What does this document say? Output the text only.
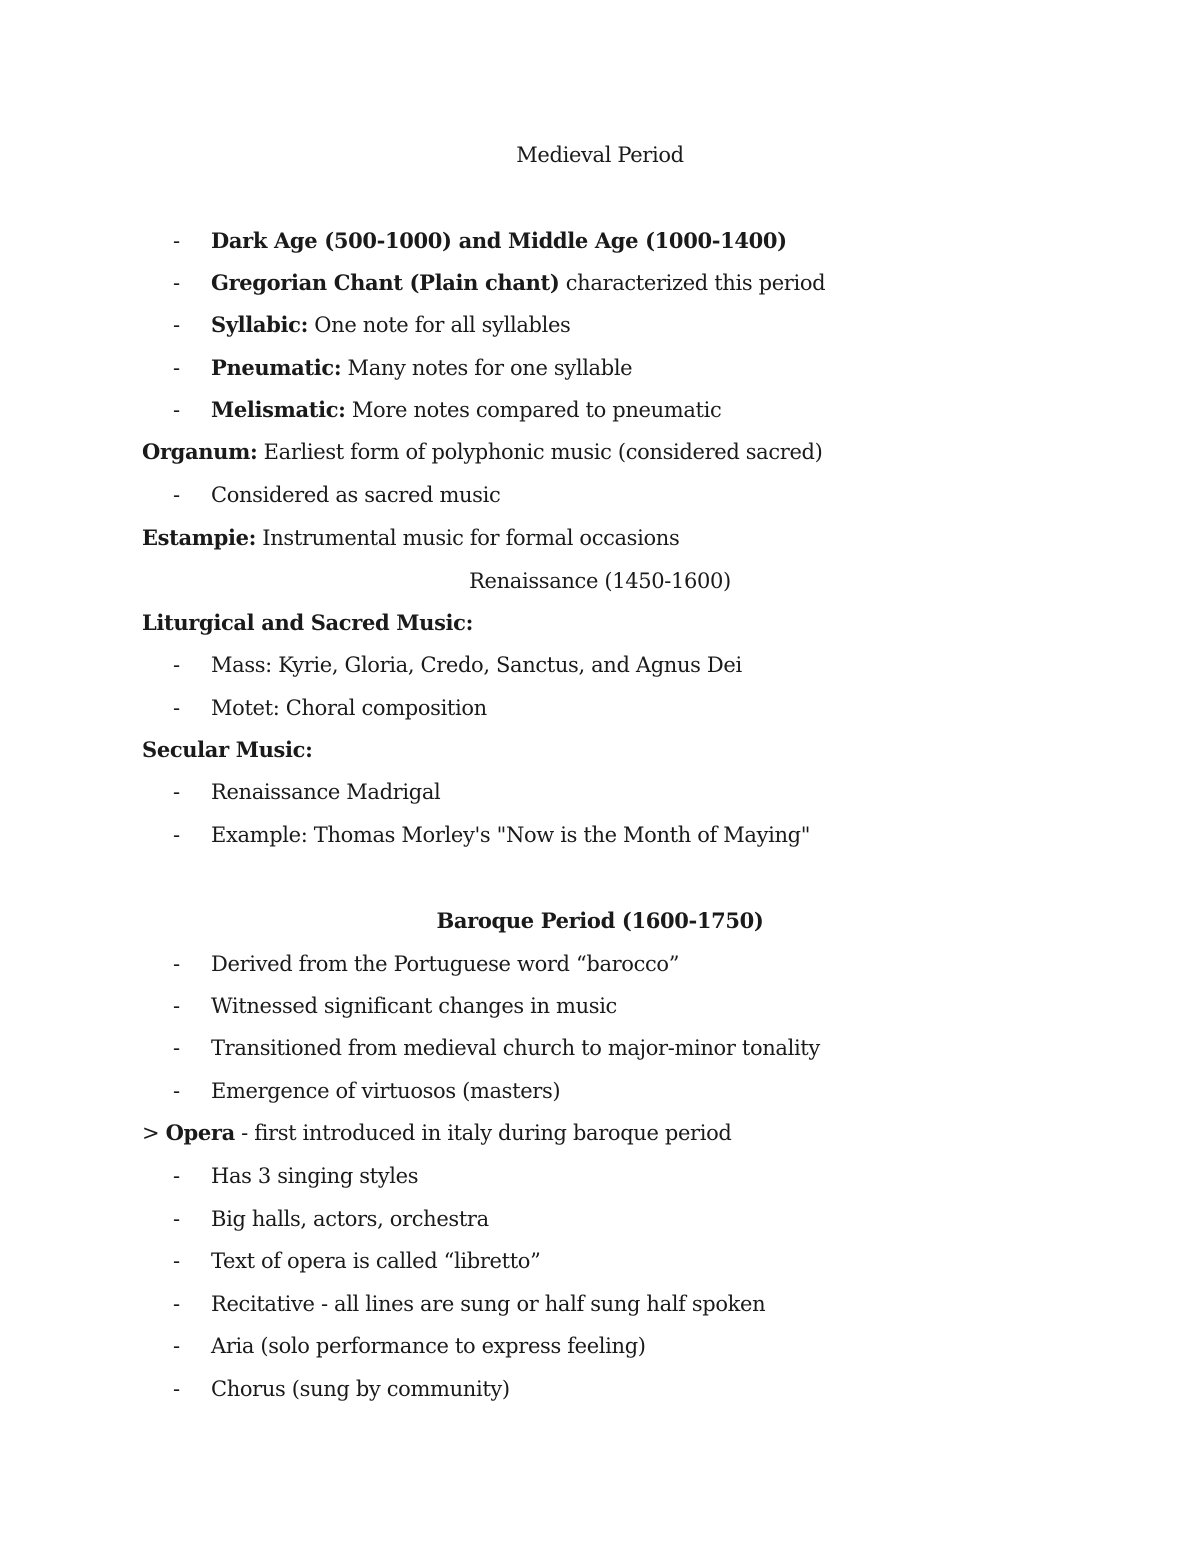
Medieval Period
- Dark Age (500-1000) and Middle Age (1000-1400)
- Gregorian Chant (Plain chant) characterized this period
- Syllabic: One note for all syllables
- Pneumatic: Many notes for one syllable
- Melismatic: More notes compared to pneumatic
Organum: Earliest form of polyphonic music (considered sacred)
- Considered as sacred music
Estampie: Instrumental music for formal occasions
Renaissance (1450-1600)
Liturgical and Sacred Music:
- Mass: Kyrie, Gloria, Credo, Sanctus, and Agnus Dei
- Motet: Choral composition
Secular Music:
- Renaissance Madrigal
- Example: Thomas Morley's "Now is the Month of Maying"
Baroque Period (1600-1750)
- Derived from the Portuguese word “barocco”
- Witnessed significant changes in music
- Transitioned from medieval church to major-minor tonality
- Emergence of virtuosos (masters)
> Opera - first introduced in italy during baroque period
- Has 3 singing styles
- Big halls, actors, orchestra
- Text of opera is called “libretto”
- Recitative - all lines are sung or half sung half spoken
- Aria (solo performance to express feeling)
- Chorus (sung by community)
